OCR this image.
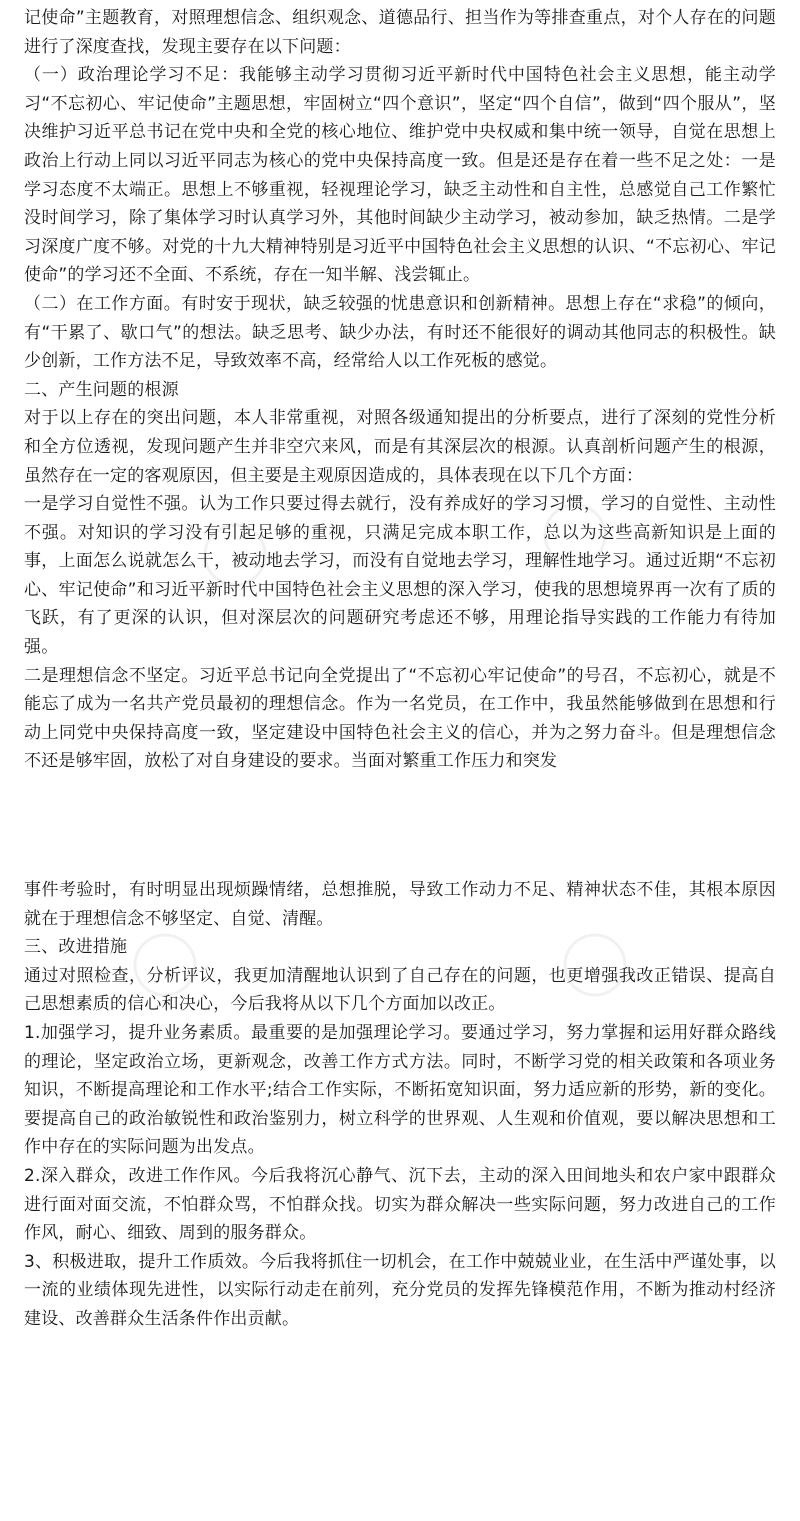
记使命”主题教育，对照理想信念、组织观念、道德品行、担当作为等排查重点，对个人存在的问题进行了深度查找，发现主要存在以下问题：

（一）政治理论学习不足：我能够主动学习贯彻习近平新时代中国特色社会主义思想，能主动学习“不忘初心、牢记使命”主题思想，牢固树立“四个意识”，坚定“四个自信”，做到“四个服从”，坚决维护习近平总书记在党中央和全党的核心地位、维护党中央权威和集中统一领导，自觉在思想上政治上行动上同以习近平同志为核心的党中央保持高度一致。但是还是存在着一些不足之处：一是学习态度不太端正。思想上不够重视，轻视理论学习，缺乏主动性和自主性，总感觉自己工作繁忙没时间学习，除了集体学习时认真学习外，其他时间缺少主动学习，被动参加，缺乏热情。二是学习深度广度不够。对党的十九大精神特别是习近平中国特色社会主义思想的认识、“不忘初心、牢记使命”的学习还不全面、不系统，存在一知半解、浅尝辄止。

（二）在工作方面。有时安于现状，缺乏较强的忧患意识和创新精神。思想上存在“求稳”的倾向，有“干累了、歇口气”的想法。缺乏思考、缺少办法，有时还不能很好的调动其他同志的积极性。缺少创新，工作方法不足，导致效率不高，经常给人以工作死板的感觉。

二、产生问题的根源

对于以上存在的突出问题，本人非常重视，对照各级通知提出的分析要点，进行了深刻的党性分析和全方位透视，发现问题产生并非空穴来风，而是有其深层次的根源。认真剖析问题产生的根源，虽然存在一定的客观原因，但主要是主观原因造成的，具体表现在以下几个方面：

一是学习自觉性不强。认为工作只要过得去就行，没有养成好的学习习惯，学习的自觉性、主动性不强。对知识的学习没有引起足够的重视，只满足完成本职工作，总以为这些高新知识是上面的事，上面怎么说就怎么干，被动地去学习，而没有自觉地去学习，理解性地学习。通过近期“不忘初心、牢记使命”和习近平新时代中国特色社会主义思想的深入学习，使我的思想境界再一次有了质的飞跃，有了更深的认识，但对深层次的问题研究考虑还不够，用理论指导实践的工作能力有待加强。

二是理想信念不坚定。习近平总书记向全党提出了“不忘初心牢记使命”的号召，不忘初心，就是不能忘了成为一名共产党员最初的理想信念。作为一名党员，在工作中，我虽然能够做到在思想和行动上同党中央保持高度一致，坚定建设中国特色社会主义的信心，并为之努力奋斗。但是理想信念不还是够牢固，放松了对自身建设的要求。当面对繁重工作压力和突发

事件考验时，有时明显出现烦躁情绪，总想推脱，导致工作动力不足、精神状态不佳，其根本原因就在于理想信念不够坚定、自觉、清醒。

三、改进措施

通过对照检查，分析评议，我更加清醒地认识到了自己存在的问题，也更增强我改正错误、提高自己思想素质的信心和决心，今后我将从以下几个方面加以改正。

1.加强学习，提升业务素质。最重要的是加强理论学习。要通过学习，努力掌握和运用好群众路线的理论，坚定政治立场，更新观念，改善工作方式方法。同时，不断学习党的相关政策和各项业务知识，不断提高理论和工作水平;结合工作实际，不断拓宽知识面，努力适应新的形势，新的变化。要提高自己的政治敏锐性和政治鉴别力，树立科学的世界观、人生观和价值观，要以解决思想和工作中存在的实际问题为出发点。

2.深入群众，改进工作作风。今后我将沉心静气、沉下去，主动的深入田间地头和农户家中跟群众进行面对面交流，不怕群众骂，不怕群众找。切实为群众解决一些实际问题，努力改进自己的工作作风，耐心、细致、周到的服务群众。

3、积极进取，提升工作质效。今后我将抓住一切机会，在工作中兢兢业业，在生活中严谨处事，以一流的业绩体现先进性，以实际行动走在前列，充分党员的发挥先锋模范作用，不断为推动村经济建设、改善群众生活条件作出贡献。
